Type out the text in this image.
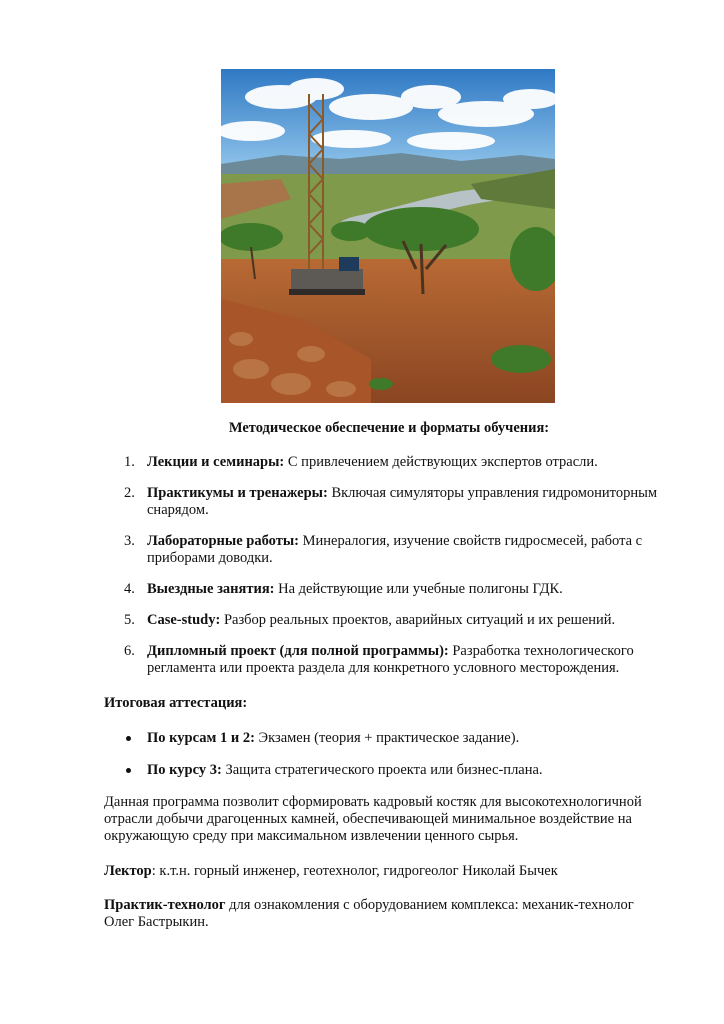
Методическое обеспечение и форматы обучения:
1. Лекции и семинары: С привлечением действующих экспертов отрасли.
2. Практикумы и тренажеры: Включая симуляторы управления гидромониторным снарядом.
3. Лабораторные работы: Минералогия, изучение свойств гидросмесей, работа с приборами доводки.
4. Выездные занятия: На действующие или учебные полигоны ГДК.
5. Case-study: Разбор реальных проектов, аварийных ситуаций и их решений.
6. Дипломный проект (для полной программы): Разработка технологического регламента или проекта раздела для конкретного условного месторождения.
Итоговая аттестация:
По курсам 1 и 2: Экзамен (теория + практическое задание).
По курсу 3: Защита стратегического проекта или бизнес-плана.
Данная программа позволит сформировать кадровый костяк для высокотехнологичной отрасли добычи драгоценных камней, обеспечивающей минимальное воздействие на окружающую среду при максимальном извлечении ценного сырья.
Лектор: к.т.н. горный инженер, геотехнолог, гидрогеолог Николай Бычек
Практик-технолог для ознакомления с оборудованием комплекса: механик-технолог Олег Бастрыкин.
